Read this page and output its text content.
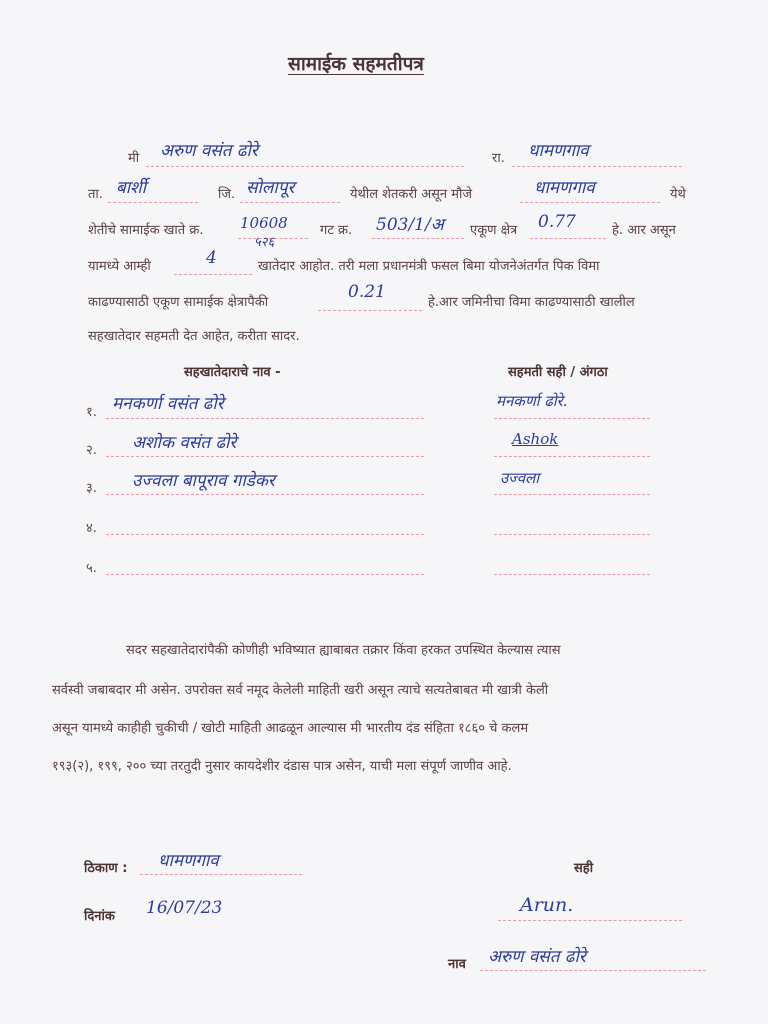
सामाईक सहमतीपत्र
मी अरुण वसंत ढोरे	रा. धामणगाव
ता. बार्शी	जि. सोलापूर	येथील शेतकरी असून मौजे	धामणगाव	येथे
शेतीचे सामाईक खाते क्र. 10608
५२६
गट क्र. 503/1/अ एकूण क्षेत्र 0.77	हे. आर असून
यामध्ये आम्ही	4	खातेदार आहोत. तरी मला प्रधानमंत्री फसल बिमा योजनेअंतर्गत पिक विमा
काढण्यासाठी एकूण सामाईक क्षेत्रापैकी
0.21
हे.आर जमिनीचा विमा काढण्यासाठी खालील
सहखातेदार सहमती देत आहेत, करीता सादर.
सहखातेदाराचे नाव -	सहमती सही / अंगठा
१. मनकर्णा वसंत ढोरे	मनकर्णा ढोरे.
२. अशोक वसंत ढोरे	Ashok
३. उज्वला बापूराव गाडेकर	उज्वला
४.
५.
सदर सहखातेदारांपैकी कोणीही भविष्यात ह्याबाबत तक्रार किंवा हरकत उपस्थित केल्यास त्यास
सर्वस्वी जबाबदार मी असेन. उपरोक्त सर्व नमूद केलेली माहिती खरी असून त्याचे सत्यतेबाबत मी खात्री केली
असून यामध्ये काहीही चुकीची / खोटी माहिती आढळून आल्यास मी भारतीय दंड संहिता १८६० चे कलम
१९३(२), १९९, २०० च्या तरतुदी नुसार कायदेशीर दंडास पात्र असेन, याची मला संपूर्ण जाणीव आहे.
ठिकाण : धामणगाव	सही
दिनांक 16/07/23	Arun.
नाव अरुण वसंत ढोरे
